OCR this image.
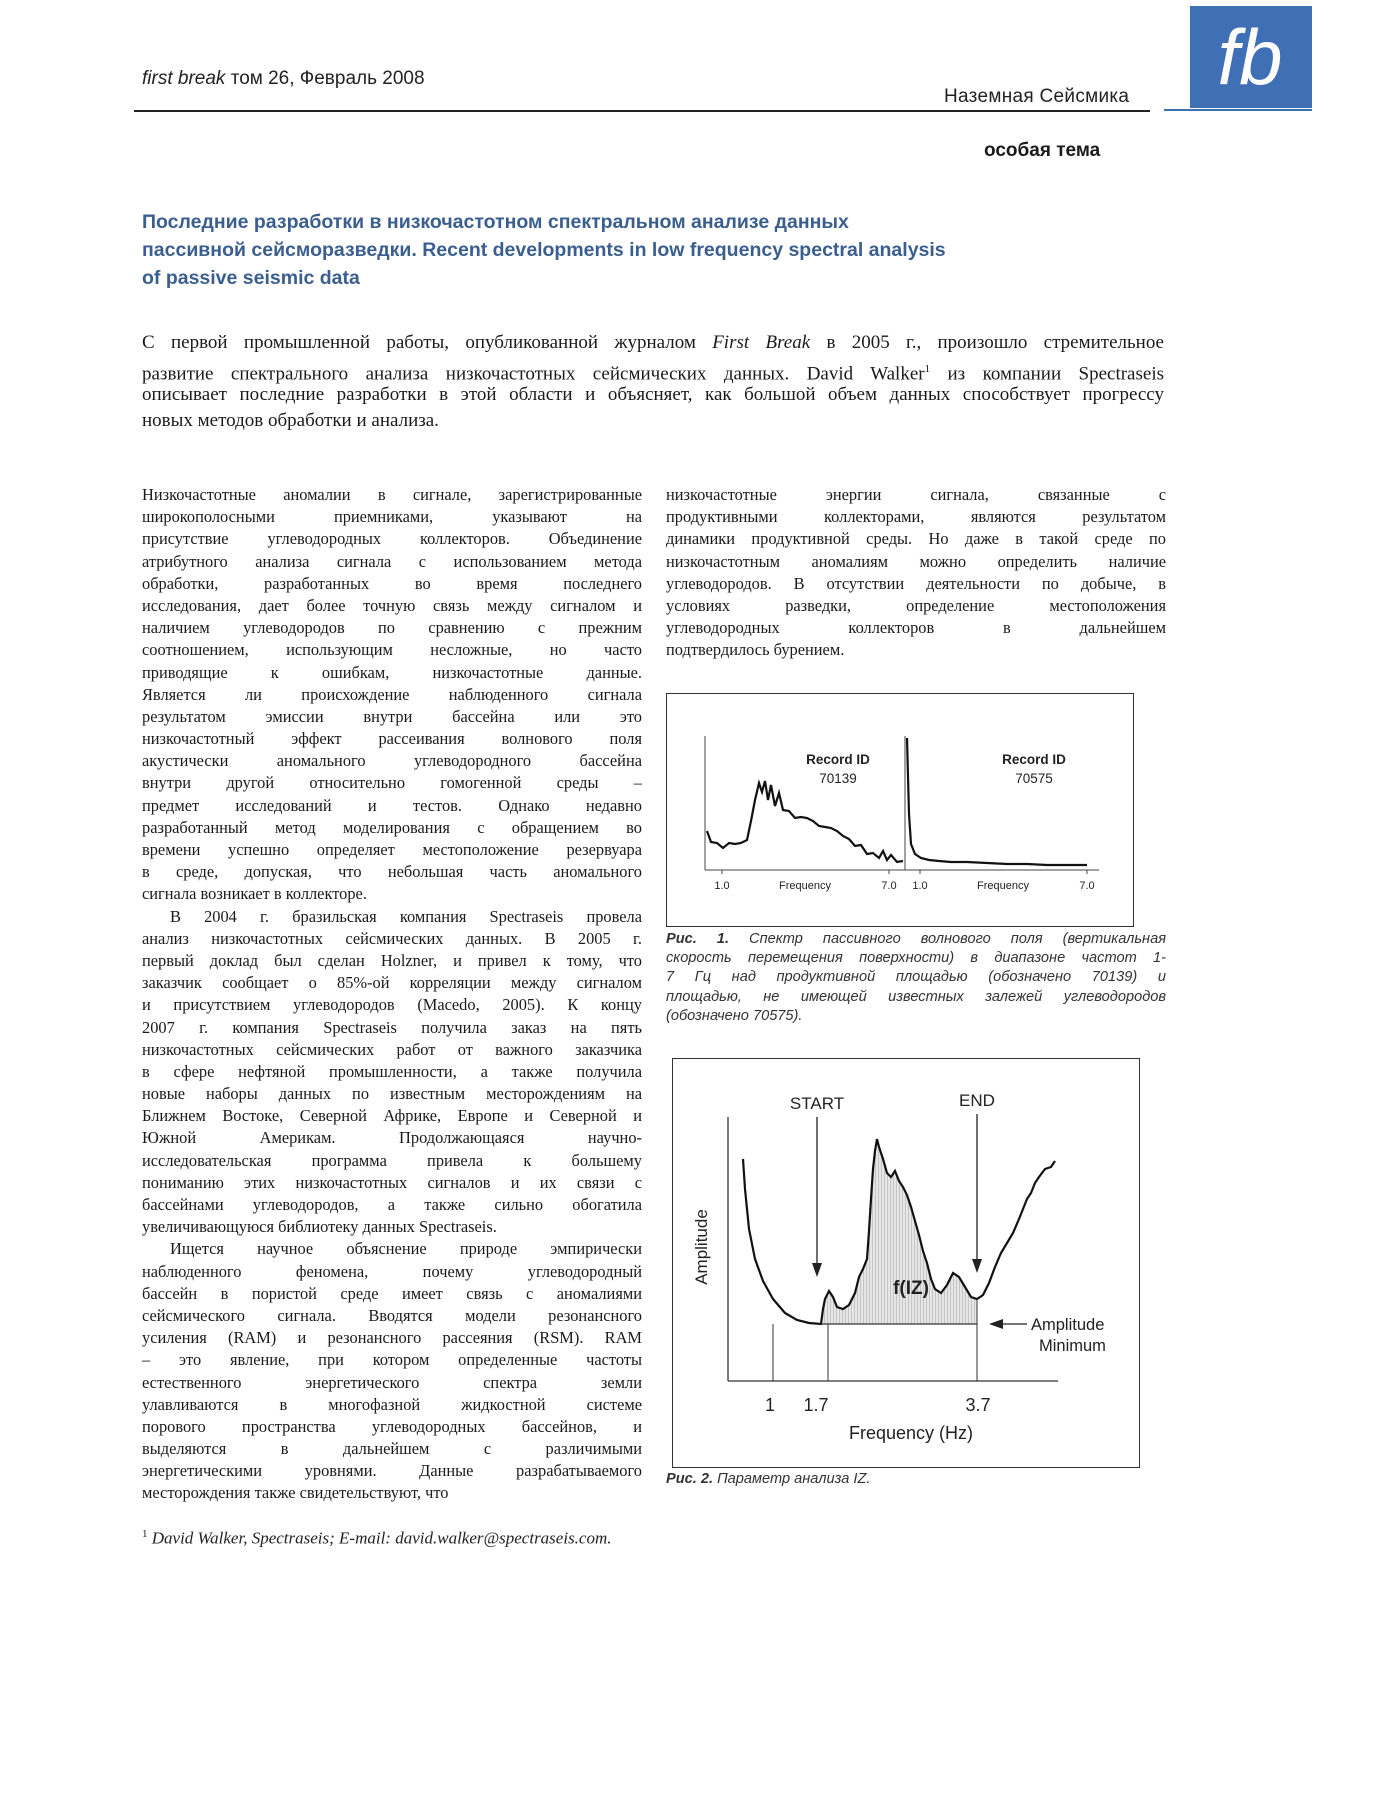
first break том 26, Февраль 2008
Наземная Сейсмика fb
особая тема
Последние разработки в низкочастотном спектральном анализе данных
пассивной сейсморазведки. Recent developments in low frequency spectral analysis
of passive seismic data
С первой промышленной работы, опубликованной журналом First Break в 2005 г., произошло стремительное
развитие спектрального анализа низкочастотных сейсмических данных. David Walker$^1$ из компании Spectraseis
описывает последние разработки в этой области и объясняет, как большой объем данных способствует прогрессу
новых методов обработки и анализа.
Низкочастотные аномалии в сигнале, зарегистрированные
широкополосными приемниками, указывают на
присутствие углеводородных коллекторов. Объединение
атрибутного анализа сигнала с использованием метода
обработки, разработанных во время последнего
исследования, дает более точную связь между сигналом и
наличием углеводородов по сравнению с прежним
соотношением, использующим несложные, но часто
приводящие к ошибкам, низкочастотные данные.
Является ли происхождение наблюденного сигнала
результатом эмиссии внутри бассейна или это
низкочастотный эффект рассеивания волнового поля
акустически аномального углеводородного бассейна
внутри другой относительно гомогенной среды –
предмет исследований и тестов. Однако недавно
разработанный метод моделирования с обращением во
времени успешно определяет местоположение резервуара
в среде, допуская, что небольшая часть аномального
сигнала возникает в коллекторе.
В 2004 г. бразильская компания Spectraseis провела
анализ низкочастотных сейсмических данных. В 2005 г.
первый доклад был сделан Holzner, и привел к тому, что
заказчик сообщает о 85%-ой корреляции между сигналом
и присутствием углеводородов (Macedo, 2005). К концу
2007 г. компания Spectraseis получила заказ на пять
низкочастотных сейсмических работ от важного заказчика
в сфере нефтяной промышленности, а также получила
новые наборы данных по известным месторождениям на
Ближнем Востоке, Северной Африке, Европе и Северной и
Южной Америкам. Продолжающаяся научно-
исследовательская программа привела к большему
пониманию этих низкочастотных сигналов и их связи с
бассейнами углеводородов, а также сильно обогатила
увеличивающуюся библиотеку данных Spectraseis.
Ищется научное объяснение природе эмпирически
наблюденного феномена, почему углеводородный
бассейн в пористой среде имеет связь с аномалиями
сейсмического сигнала. Вводятся модели резонансного
усиления (RAM) и резонансного рассеяния (RSM). RAM
– это явление, при котором определенные частоты
естественного энергетического спектра земли
улавливаются в многофазной жидкостной системе
порового пространства углеводородных бассейнов, и
выделяются в дальнейшем с различимыми
энергетическими уровнями. Данные разрабатываемого
месторождения также свидетельствуют, что
низкочастотные энергии сигнала, связанные с
продуктивными коллекторами, являются результатом
динамики продуктивной среды. Но даже в такой среде по
низкочастотным аномалиям можно определить наличие
углеводородов. В отсутствии деятельности по добыче, в
условиях разведки, определение местоположения
углеводородных коллекторов в дальнейшем
подтвердилось бурением.
Record ID
70139
Record ID
70575
1.0	7.0
Frequency	1.0	7.0
Frequency
Рис. 1. Спектр пассивного волнового поля (вертикальная
скорость перемещения поверхности) в диапазоне частот 1-
7 Гц над продуктивной площадью (обозначено 70139) и
площадью, не имеющей известных залежей углеводородов
(обозначено 70575).
START	END
f(IZ)
Amplitude
Minimum
Amplitude
1 1.7	3.7
Frequency (Hz)
Рис. 2. Параметр анализа IZ.
$^1$ David Walker, Spectraseis; E-mail: david.walker@spectraseis.com.
